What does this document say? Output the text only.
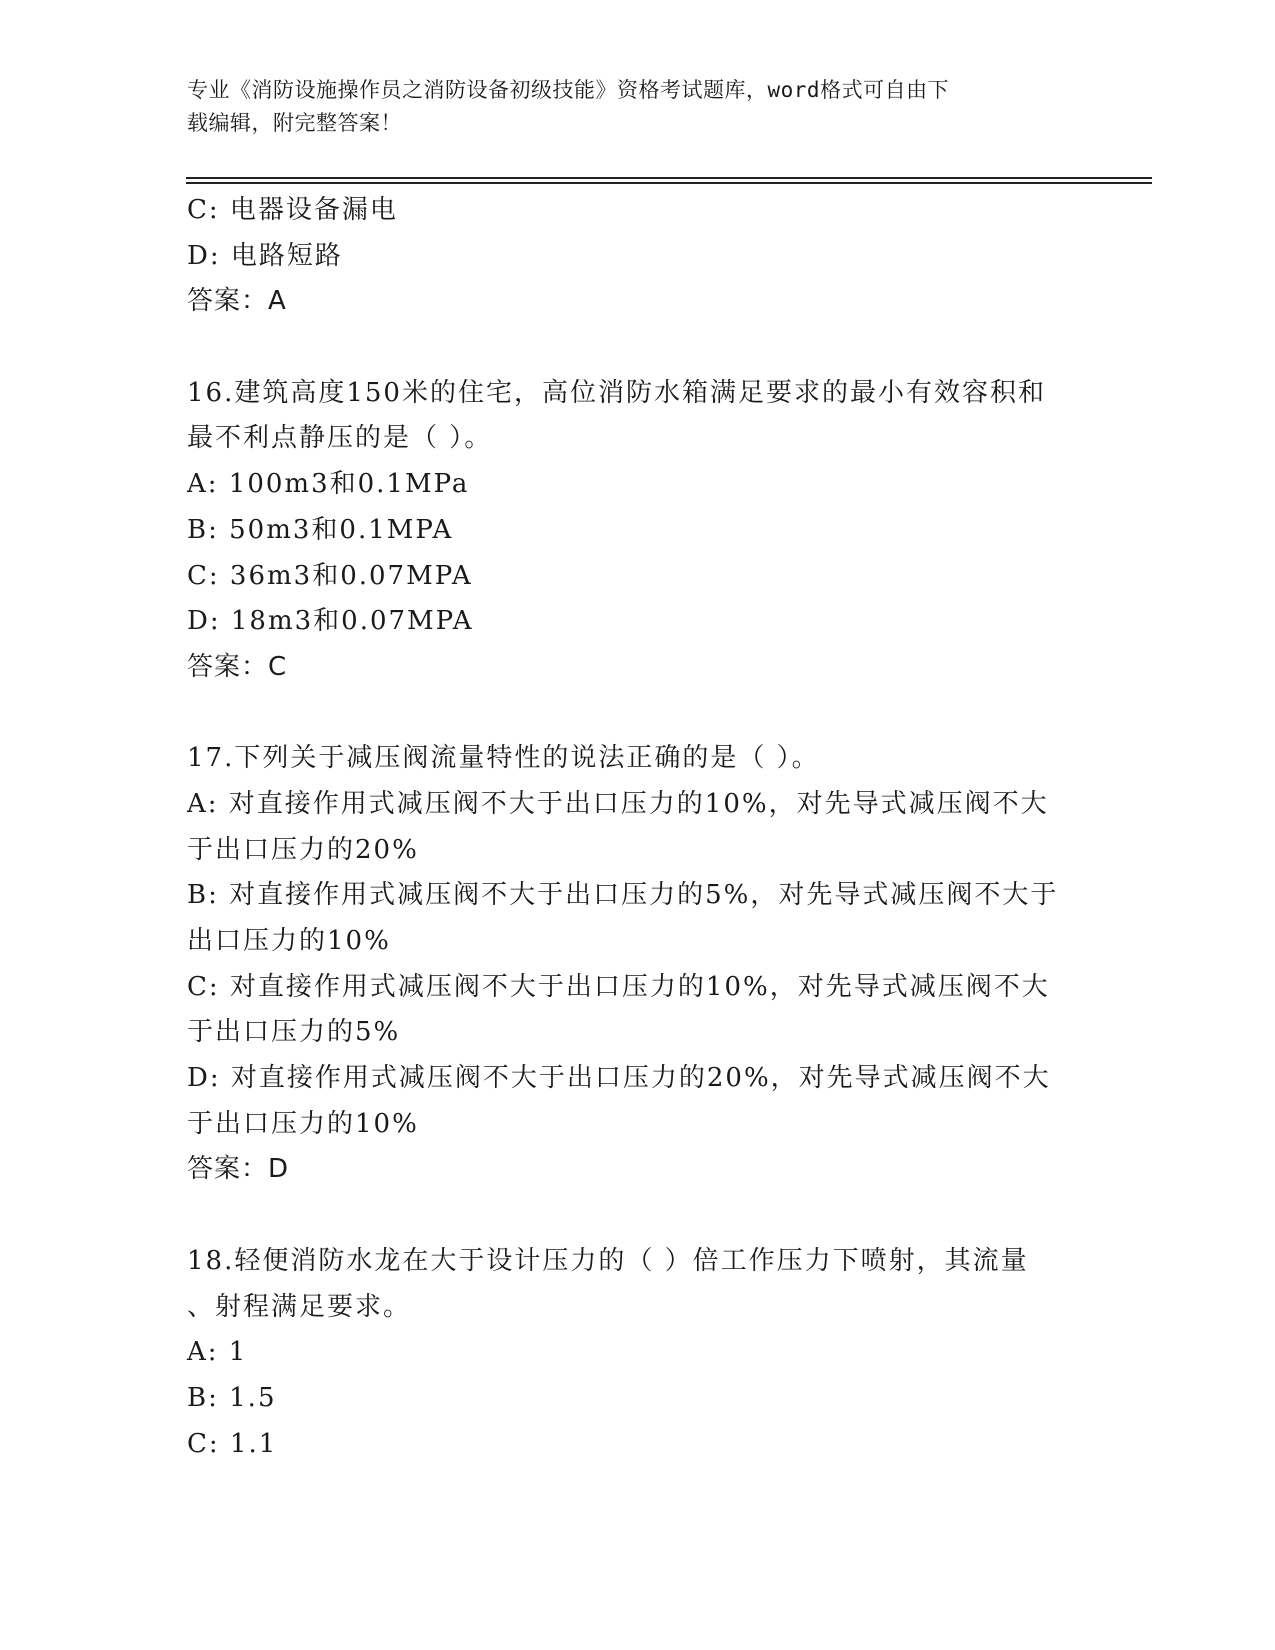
专业《消防设施操作员之消防设备初级技能》资格考试题库，word格式可自由下
载编辑，附完整答案！

C: 电器设备漏电

D: 电路短路

答案：A

16.建筑高度150米的住宅，高位消防水箱满足要求的最小有效容积和

最不利点静压的是（ ）。

A: 100m3和0.1MPa

B: 50m3和0.1MPA

C: 36m3和0.07MPA

D: 18m3和0.07MPA

答案：C

17.下列关于减压阀流量特性的说法正确的是（ ）。

A: 对直接作用式减压阀不大于出口压力的10%，对先导式减压阀不大

于出口压力的20%

B: 对直接作用式减压阀不大于出口压力的5%，对先导式减压阀不大于

出口压力的10%

C: 对直接作用式减压阀不大于出口压力的10%，对先导式减压阀不大

于出口压力的5%

D: 对直接作用式减压阀不大于出口压力的20%，对先导式减压阀不大

于出口压力的10%

答案：D

18.轻便消防水龙在大于设计压力的（ ）倍工作压力下喷射，其流量

、射程满足要求。

A: 1

B: 1.5

C: 1.1
